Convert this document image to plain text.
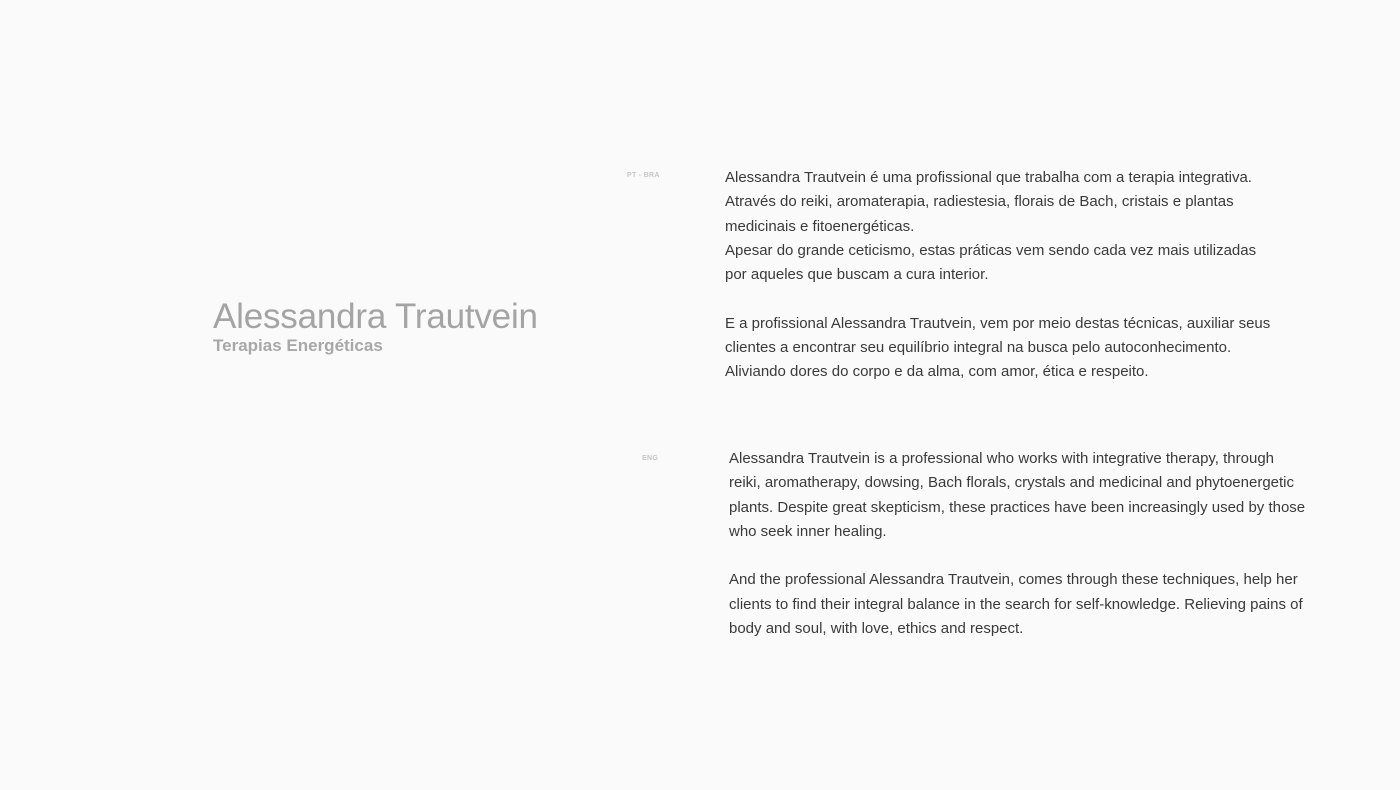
Alessandra Trautvein
Terapias Energéticas
PT - BRA	Alessandra Trautvein é uma profissional que trabalha com a terapia integrativa.
Através do reiki, aromaterapia, radiestesia, florais de Bach, cristais e plantas
medicinais e fitoenergéticas.
Apesar do grande ceticismo, estas práticas vem sendo cada vez mais utilizadas
por aqueles que buscam a cura interior.

E a profissional Alessandra Trautvein, vem por meio destas técnicas, auxiliar seus
clientes a encontrar seu equilíbrio integral na busca pelo autoconhecimento.
Aliviando dores do corpo e da alma, com amor, ética e respeito.

ENG	Alessandra Trautvein is a professional who works with integrative therapy, through
reiki, aromatherapy, dowsing, Bach florals, crystals and medicinal and phytoenergetic
plants. Despite great skepticism, these practices have been increasingly used by those
who seek inner healing.

And the professional Alessandra Trautvein, comes through these techniques, help her
clients to find their integral balance in the search for self-knowledge. Relieving pains of
body and soul, with love, ethics and respect.
